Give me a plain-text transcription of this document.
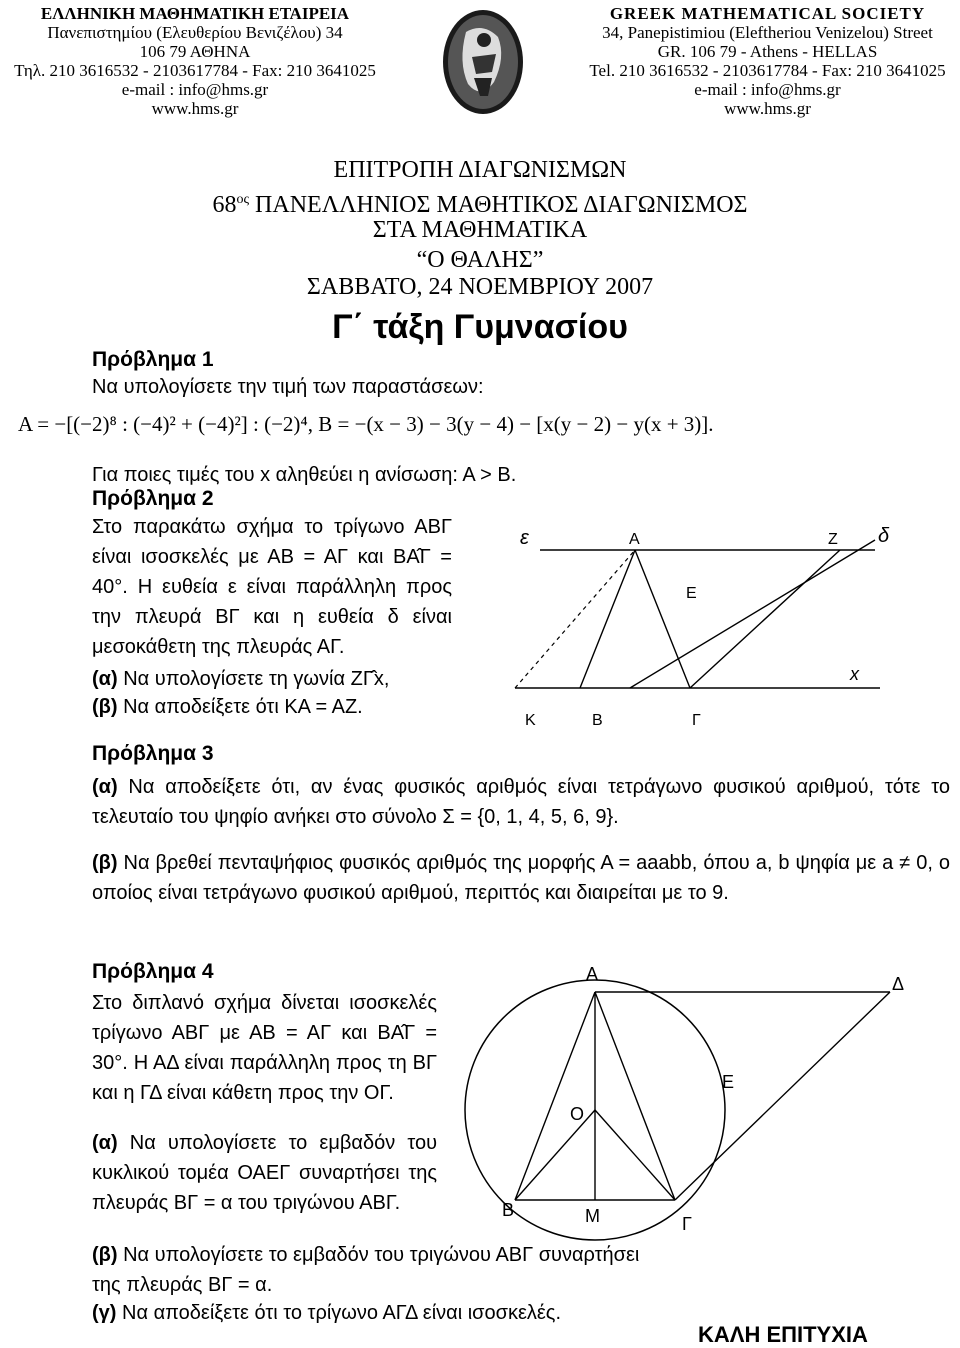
ΕΛΛΗΝΙΚΗ ΜΑΘΗΜΑΤΙΚΗ ΕΤΑΙΡΕΙΑ
Πανεπιστημίου (Ελευθερίου Βενιζέλου) 34
106 79 ΑΘΗΝΑ
Τηλ. 210 3616532 - 2103617784 - Fax: 210 3641025
e-mail : info@hms.gr
www.hms.gr
GREEK MATHEMATICAL SOCIETY
34, Panepistimiou (Eleftheriou Venizelou) Street
GR. 106 79 - Athens - HELLAS
Tel. 210 3616532 - 2103617784 - Fax: 210 3641025
e-mail : info@hms.gr
www.hms.gr
ΕΠΙΤΡΟΠΗ ΔΙΑΓΩΝΙΣΜΩΝ
$68^{o\varsigma}$ ΠΑΝΕΛΛΗΝΙΟΣ ΜΑΘΗΤΙΚΟΣ ΔΙΑΓΩΝΙΣΜΟΣ
ΣΤΑ ΜΑΘΗΜΑΤΙΚΑ
“Ο ΘΑΛΗΣ”
ΣΑΒΒΑΤΟ, 24 ΝΟΕΜΒΡΙΟΥ 2007
Γ΄ τάξη Γυμνασίου
Πρόβλημα 1
Να υπολογίσετε την τιμή των παραστάσεων:
Α = −[(−2)⁸ : (−4)² + (−4)²] : (−2)⁴, Β = −(x − 3) − 3(y − 4) − [x(y − 2) − y(x + 3)].
Για ποιες τιμές του x αληθεύει η ανίσωση: Α > Β.
Πρόβλημα 2
Στο παρακάτω σχήμα το τρίγωνο ΑΒΓ είναι ισοσκελές με ΑΒ = ΑΓ και ΒΑ̂Γ = 40°. Η ευθεία ε είναι παράλληλη προς την πλευρά ΒΓ και η ευθεία δ είναι μεσοκάθετη της πλευράς ΑΓ.
(α) Να υπολογίσετε τη γωνία ΖΓ̂x,
(β) Να αποδείξετε ότι ΚΑ = ΑΖ.
ε	Α	Ζ δ
Ε
x
Κ	Β	Γ
Πρόβλημα 3
(α) Να αποδείξετε ότι, αν ένας φυσικός αριθμός είναι τετράγωνο φυσικού αριθμού, τότε το τελευταίο του ψηφίο ανήκει στο σύνολο Σ = {0, 1, 4, 5, 6, 9}.
(β) Να βρεθεί πενταψήφιος φυσικός αριθμός της μορφής Α = aaabb, όπου a, b ψηφία με a ≠ 0, ο οποίος είναι τετράγωνο φυσικού αριθμού, περιττός και διαιρείται με το 9.
Πρόβλημα 4
Στο διπλανό σχήμα δίνεται ισοσκελές τρίγωνο ΑΒΓ με ΑΒ = ΑΓ και ΒΑ̂Γ = 30°. Η ΑΔ είναι παράλληλη προς τη ΒΓ και η ΓΔ είναι κάθετη προς την ΟΓ.
(α) Να υπολογίσετε το εμβαδόν του κυκλικού τομέα ΟΑΕΓ συναρτήσει της πλευράς ΒΓ = α του τριγώνου ΑΒΓ.
(β) Να υπολογίσετε το εμβαδόν του τριγώνου ΑΒΓ συναρτήσει της πλευράς ΒΓ = α.
(γ) Να αποδείξετε ότι το τρίγωνο ΑΓΔ είναι ισοσκελές.
Α	Δ
Ε
Ο
Β	Μ	Γ
ΚΑΛΗ ΕΠΙΤΥΧΙΑ
